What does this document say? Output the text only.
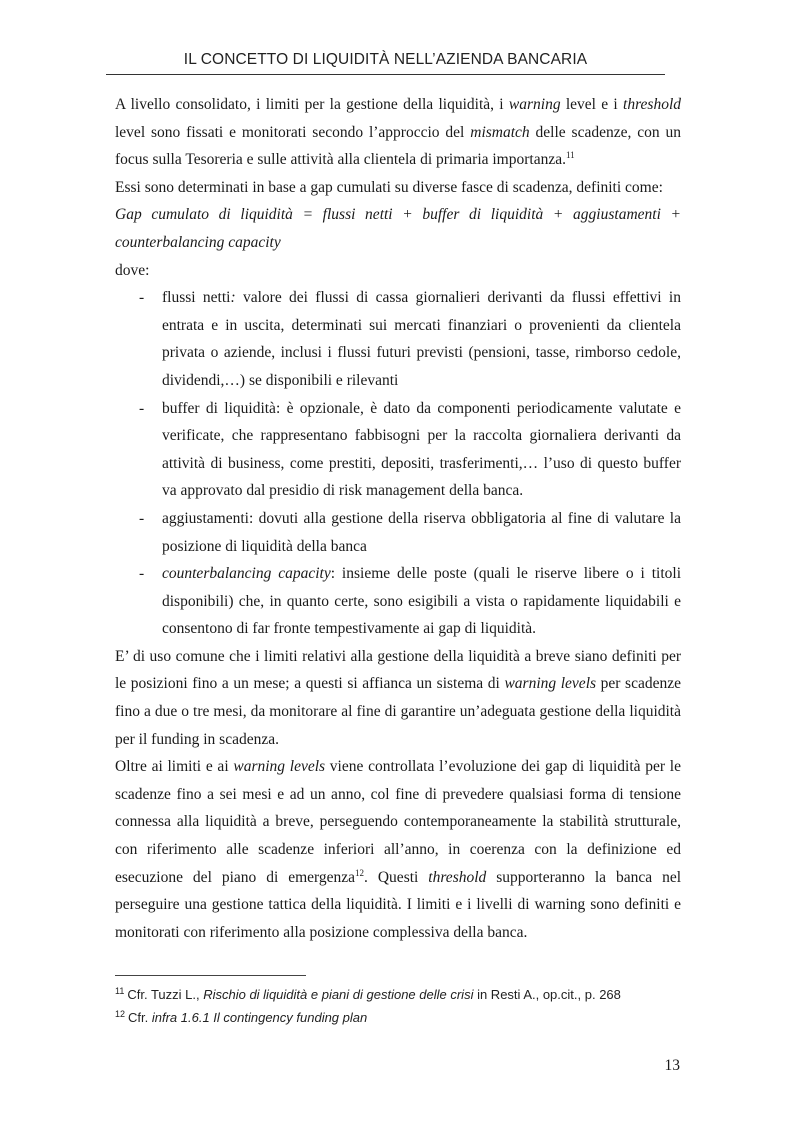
IL CONCETTO DI LIQUIDITÀ NELL’AZIENDA BANCARIA

A livello consolidato, i limiti per la gestione della liquidità, i warning level e i threshold level sono fissati e monitorati secondo l’approccio del mismatch delle scadenze, con un focus sulla Tesoreria e sulle attività alla clientela di primaria importanza.$^{11}$

Essi sono determinati in base a gap cumulati su diverse fasce di scadenza, definiti come:

Gap cumulato di liquidità = flussi netti + buffer di liquidità + aggiustamenti + counterbalancing capacity

dove:

- flussi netti: valore dei flussi di cassa giornalieri derivanti da flussi effettivi in entrata e in uscita, determinati sui mercati finanziari o provenienti da clientela privata o aziende, inclusi i flussi futuri previsti (pensioni, tasse, rimborso cedole, dividendi,…) se disponibili e rilevanti
- buffer di liquidità: è opzionale, è dato da componenti periodicamente valutate e verificate, che rappresentano fabbisogni per la raccolta giornaliera derivanti da attività di business, come prestiti, depositi, trasferimenti,… l’uso di questo buffer va approvato dal presidio di risk management della banca.
- aggiustamenti: dovuti alla gestione della riserva obbligatoria al fine di valutare la posizione di liquidità della banca
- counterbalancing capacity: insieme delle poste (quali le riserve libere o i titoli disponibili) che, in quanto certe, sono esigibili a vista o rapidamente liquidabili e consentono di far fronte tempestivamente ai gap di liquidità.

E’ di uso comune che i limiti relativi alla gestione della liquidità a breve siano definiti per le posizioni fino a un mese; a questi si affianca un sistema di warning levels per scadenze fino a due o tre mesi, da monitorare al fine di garantire un’adeguata gestione della liquidità per il funding in scadenza.

Oltre ai limiti e ai warning levels viene controllata l’evoluzione dei gap di liquidità per le scadenze fino a sei mesi e ad un anno, col fine di prevedere qualsiasi forma di tensione connessa alla liquidità a breve, perseguendo contemporaneamente la stabilità strutturale, con riferimento alle scadenze inferiori all’anno, in coerenza con la definizione ed esecuzione del piano di emergenza$^{12}$. Questi threshold supporteranno la banca nel perseguire una gestione tattica della liquidità. I limiti e i livelli di warning sono definiti e monitorati con riferimento alla posizione complessiva della banca.

$^{11}$ Cfr. Tuzzi L., Rischio di liquidità e piani di gestione delle crisi in Resti A., op.cit., p. 268
$^{12}$ Cfr. infra 1.6.1 Il contingency funding plan
13
